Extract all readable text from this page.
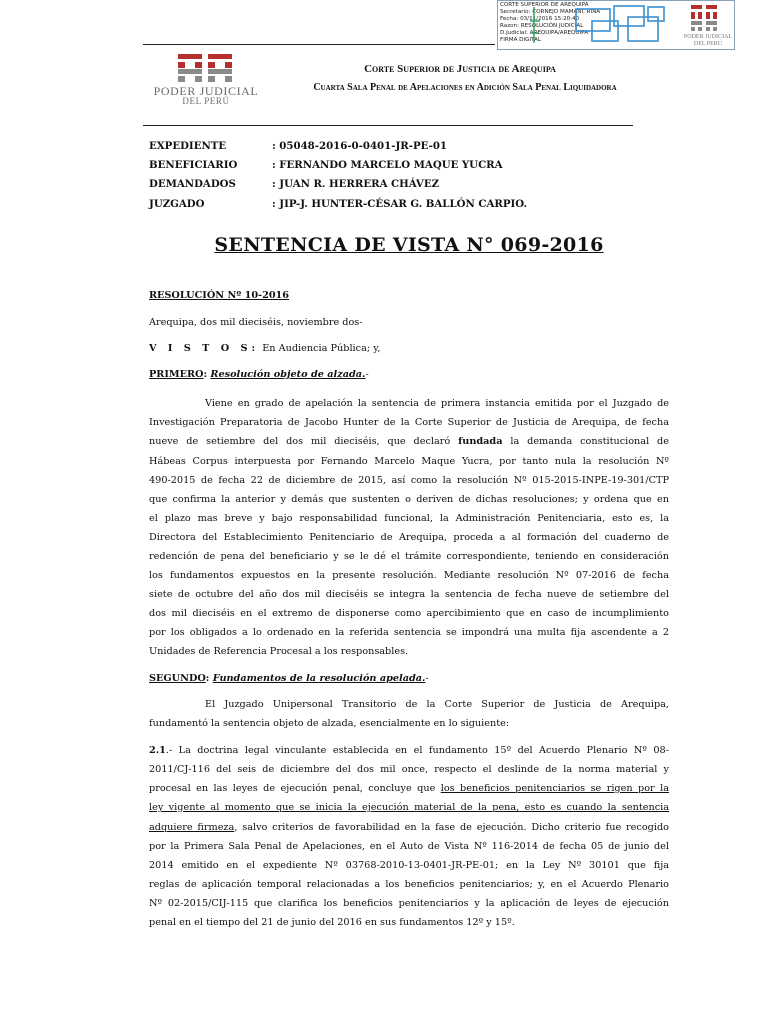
CORTE SUPERIOR DE AREQUIPA
Secretario: CORNEJO MAMANI, RINA
Fecha: 03/11/2016 15:20:40
Razon: RESOLUCIÓN JUDICIAL
D.Judicial: AREQUIPA/AREQUIPA
FIRMA DIGITAL	PODER JUDICIAL
DEL PERÚ
PODER JUDICIAL
DEL PERÚ
Corte Superior de Justicia de Arequipa
Cuarta Sala Penal de Apelaciones en Adición Sala Penal Liquidadora
EXPEDIENTE	: 05048-2016-0-0401-JR-PE-01
BENEFICIARIO	: FERNANDO MARCELO MAQUE YUCRA
DEMANDADOS	: JUAN R. HERRERA CHÁVEZ
JUZGADO	: JIP-J. HUNTER-CÉSAR G. BALLÓN CARPIO.
SENTENCIA DE VISTA N° 069-2016
RESOLUCIÓN Nº 10-2016
Arequipa, dos mil dieciséis, noviembre dos-
V I S T O S: En Audiencia Pública; y,
PRIMERO: Resolución objeto de alzada.-
Viene en grado de apelación la sentencia de primera instancia emitida por el Juzgado de
Investigación Preparatoria de Jacobo Hunter de la Corte Superior de Justicia de Arequipa, de fecha
nueve de setiembre del dos mil dieciséis, que declaró fundada la demanda constitucional de
Hábeas Corpus interpuesta por Fernando Marcelo Maque Yucra, por tanto nula la resolución Nº
490-2015 de fecha 22 de diciembre de 2015, así como la resolución Nº 015-2015-INPE-19-301/CTP
que confirma la anterior y demás que sustenten o deriven de dichas resoluciones; y ordena que en
el plazo mas breve y bajo responsabilidad funcional, la Administración Penitenciaria, esto es, la
Directora del Establecimiento Penitenciario de Arequipa, proceda a al formación del cuaderno de
redención de pena del beneficiario y se le dé el trámite correspondiente, teniendo en consideración
los fundamentos expuestos en la presente resolución. Mediante resolución Nº 07-2016 de fecha
siete de octubre del año dos mil dieciséis se integra la sentencia de fecha nueve de setiembre del
dos mil dieciséis en el extremo de disponerse como apercibimiento que en caso de incumplimiento
por los obligados a lo ordenado en la referida sentencia se impondrá una multa fija ascendente a 2
Unidades de Referencia Procesal a los responsables.
SEGUNDO: Fundamentos de la resolución apelada.-
El Juzgado Unipersonal Transitorio de la Corte Superior de Justicia de Arequipa,
fundamentó la sentencia objeto de alzada, esencialmente en lo siguiente:
2.1.- La doctrina legal vinculante establecida en el fundamento 15º del Acuerdo Plenario Nº 08-
2011/CJ-116 del seis de diciembre del dos mil once, respecto el deslinde de la norma material y
procesal en las leyes de ejecución penal, concluye que los beneficios penitenciarios se rigen por la
ley vigente al momento que se inicia la ejecución material de la pena, esto es cuando la sentencia
adquiere firmeza, salvo criterios de favorabilidad en la fase de ejecución. Dicho criterio fue recogido
por la Primera Sala Penal de Apelaciones, en el Auto de Vista Nº 116-2014 de fecha 05 de junio del
2014 emitido en el expediente Nº 03768-2010-13-0401-JR-PE-01; en la Ley Nº 30101 que fija
reglas de aplicación temporal relacionadas a los beneficios penitenciarios; y, en el Acuerdo Plenario
Nº 02-2015/CIJ-115 que clarifica los beneficios penitenciarios y la aplicación de leyes de ejecución
penal en el tiempo del 21 de junio del 2016 en sus fundamentos 12º y 15º.
